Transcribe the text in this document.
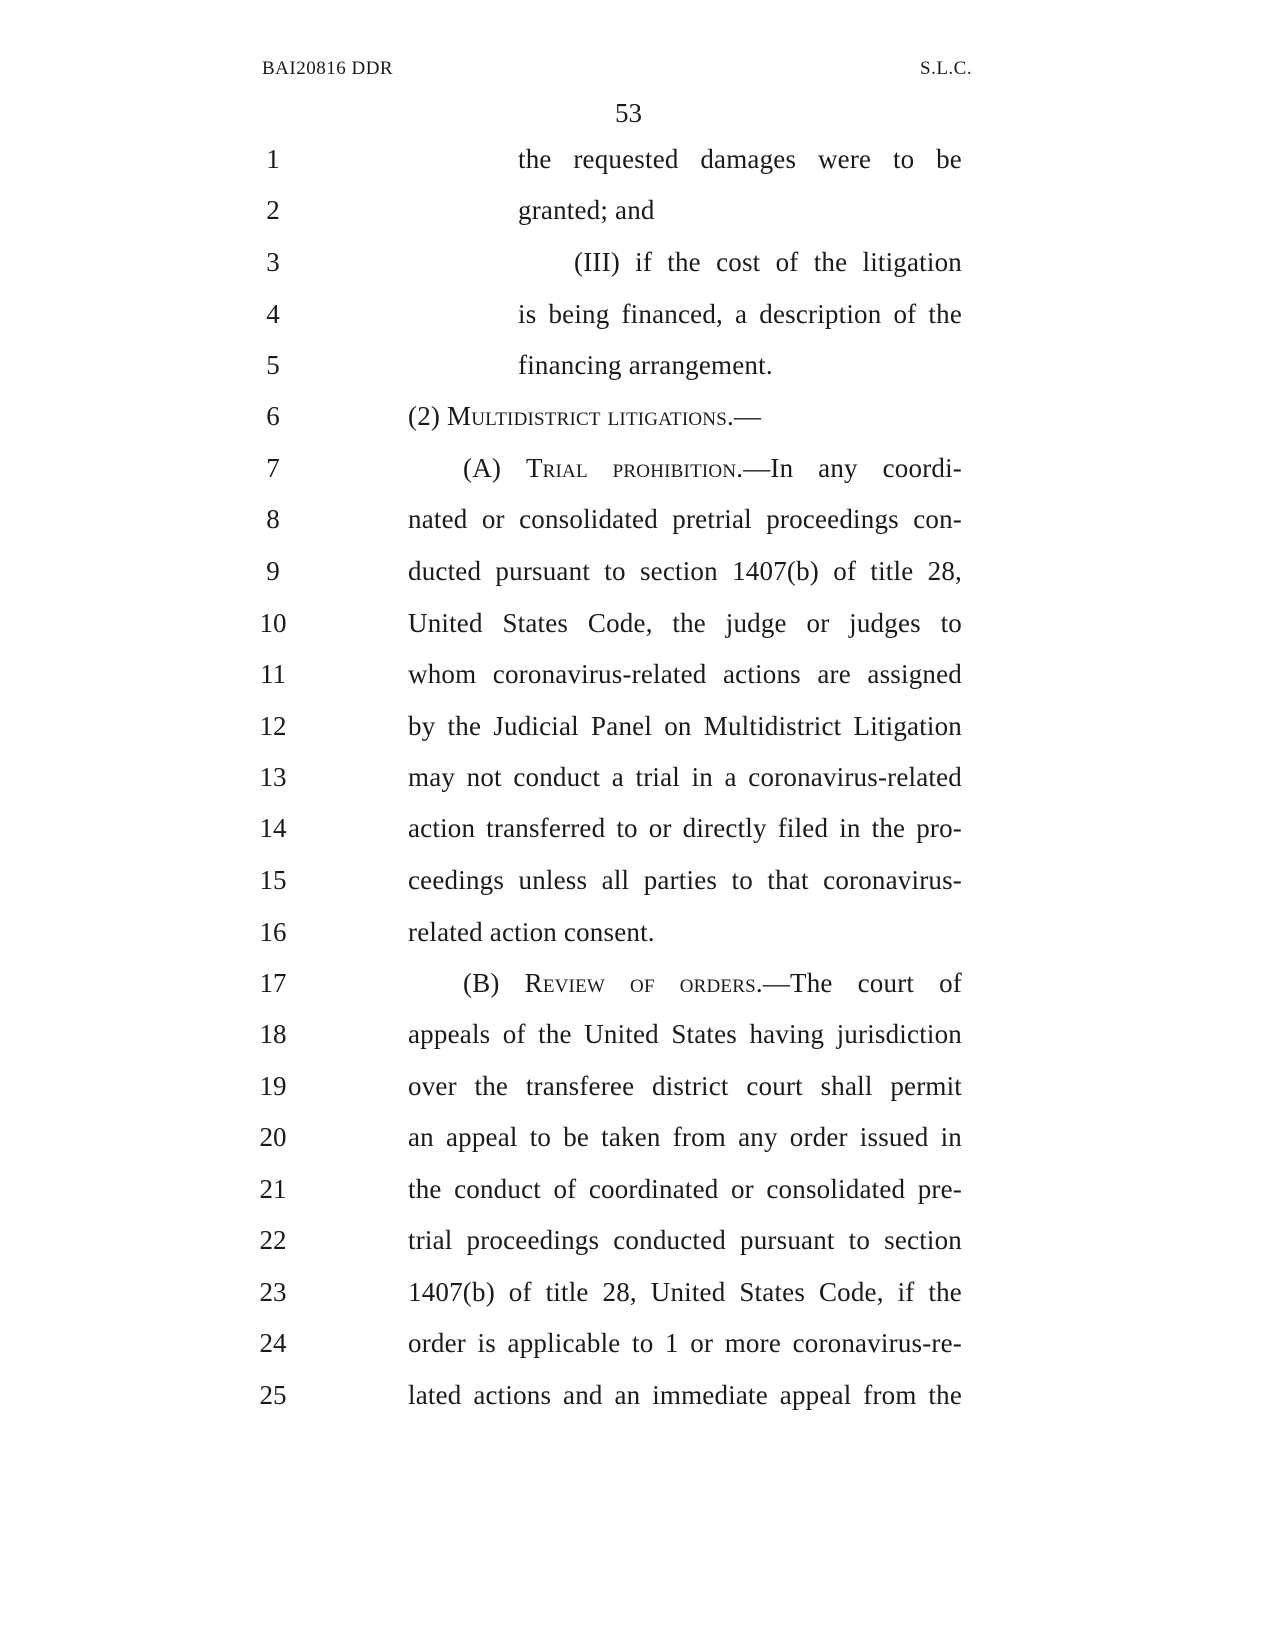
BAI20816 DDR	S.L.C.
53
1	the requested damages were to be
2	granted; and
3	(III) if the cost of the litigation
4	is being financed, a description of the
5	financing arrangement.
6	(2) Multidistrict litigations.—
7	(A) Trial prohibition.—In any coordi-
8	nated or consolidated pretrial proceedings con-
9	ducted pursuant to section 1407(b) of title 28,
10	United States Code, the judge or judges to
11	whom coronavirus-related actions are assigned
12	by the Judicial Panel on Multidistrict Litigation
13	may not conduct a trial in a coronavirus-related
14	action transferred to or directly filed in the pro-
15	ceedings unless all parties to that coronavirus-
16	related action consent.
17	(B) Review of orders.—The court of
18	appeals of the United States having jurisdiction
19	over the transferee district court shall permit
20	an appeal to be taken from any order issued in
21	the conduct of coordinated or consolidated pre-
22	trial proceedings conducted pursuant to section
23	1407(b) of title 28, United States Code, if the
24	order is applicable to 1 or more coronavirus-re-
25	lated actions and an immediate appeal from the
